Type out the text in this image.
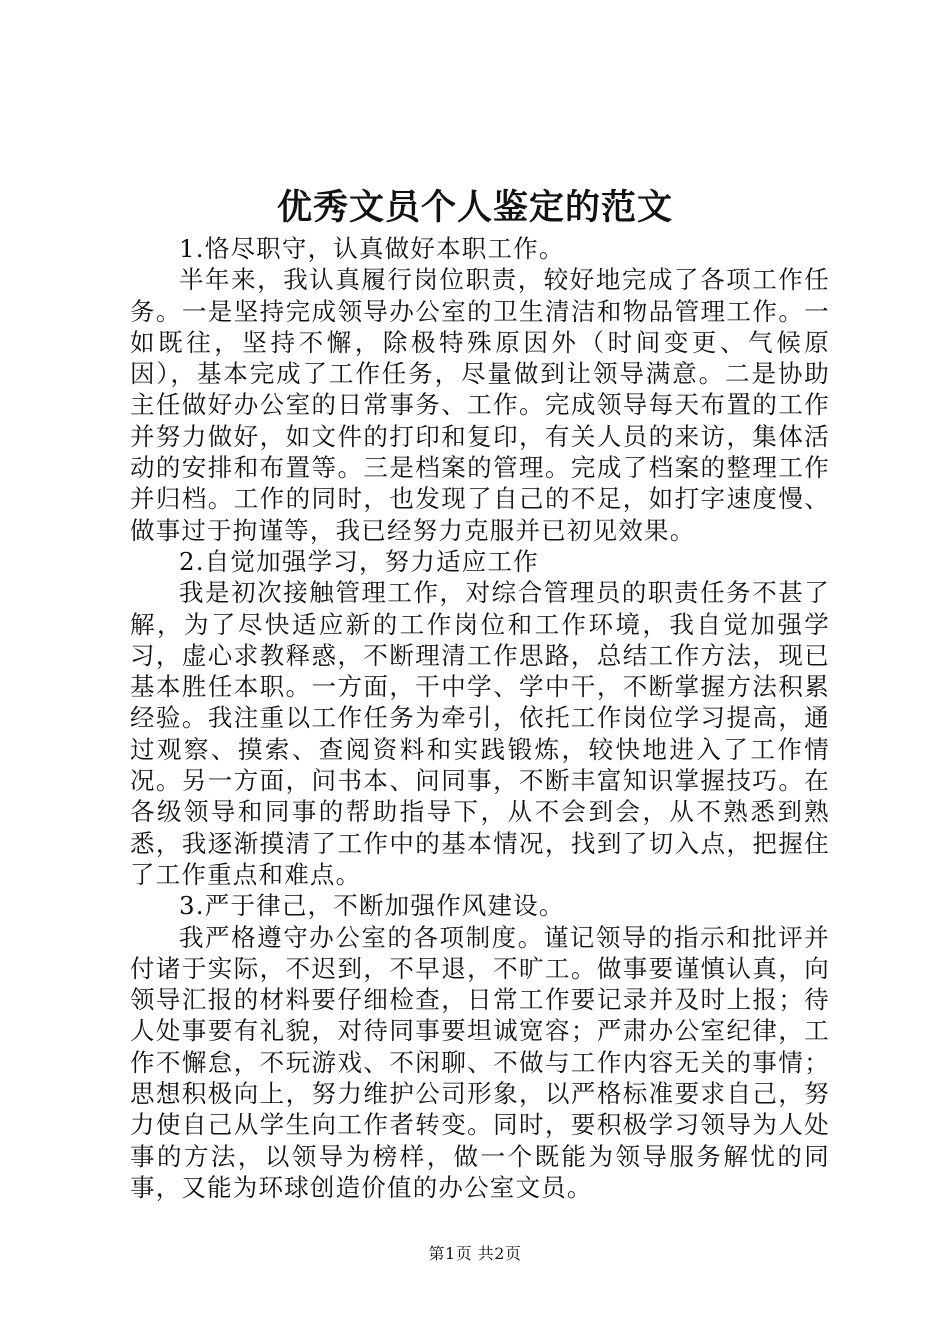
优秀文员个人鉴定的范文

1.恪尽职守，认真做好本职工作。

半年来，我认真履行岗位职责，较好地完成了各项工作任务。一是坚持完成领导办公室的卫生清洁和物品管理工作。一如既往，坚持不懈，除极特殊原因外（时间变更、气候原因），基本完成了工作任务，尽量做到让领导满意。二是协助主任做好办公室的日常事务、工作。完成领导每天布置的工作并努力做好，如文件的打印和复印，有关人员的来访，集体活动的安排和布置等。三是档案的管理。完成了档案的整理工作并归档。工作的同时，也发现了自己的不足，如打字速度慢、做事过于拘谨等，我已经努力克服并已初见效果。

2.自觉加强学习，努力适应工作

我是初次接触管理工作，对综合管理员的职责任务不甚了解，为了尽快适应新的工作岗位和工作环境，我自觉加强学习，虚心求教释惑，不断理清工作思路，总结工作方法，现已基本胜任本职。一方面，干中学、学中干，不断掌握方法积累经验。我注重以工作任务为牵引，依托工作岗位学习提高，通过观察、摸索、查阅资料和实践锻炼，较快地进入了工作情况。另一方面，问书本、问同事，不断丰富知识掌握技巧。在各级领导和同事的帮助指导下，从不会到会，从不熟悉到熟悉，我逐渐摸清了工作中的基本情况，找到了切入点，把握住了工作重点和难点。

3.严于律己，不断加强作风建设。

我严格遵守办公室的各项制度。谨记领导的指示和批评并付诸于实际，不迟到，不早退，不旷工。做事要谨慎认真，向领导汇报的材料要仔细检查，日常工作要记录并及时上报；待人处事要有礼貌，对待同事要坦诚宽容；严肃办公室纪律，工作不懈怠，不玩游戏、不闲聊、不做与工作内容无关的事情；思想积极向上，努力维护公司形象，以严格标准要求自己，努力使自己从学生向工作者转变。同时，要积极学习领导为人处事的方法，以领导为榜样，做一个既能为领导服务解忧的同事，又能为环球创造价值的办公室文员。

第1页 共2页
